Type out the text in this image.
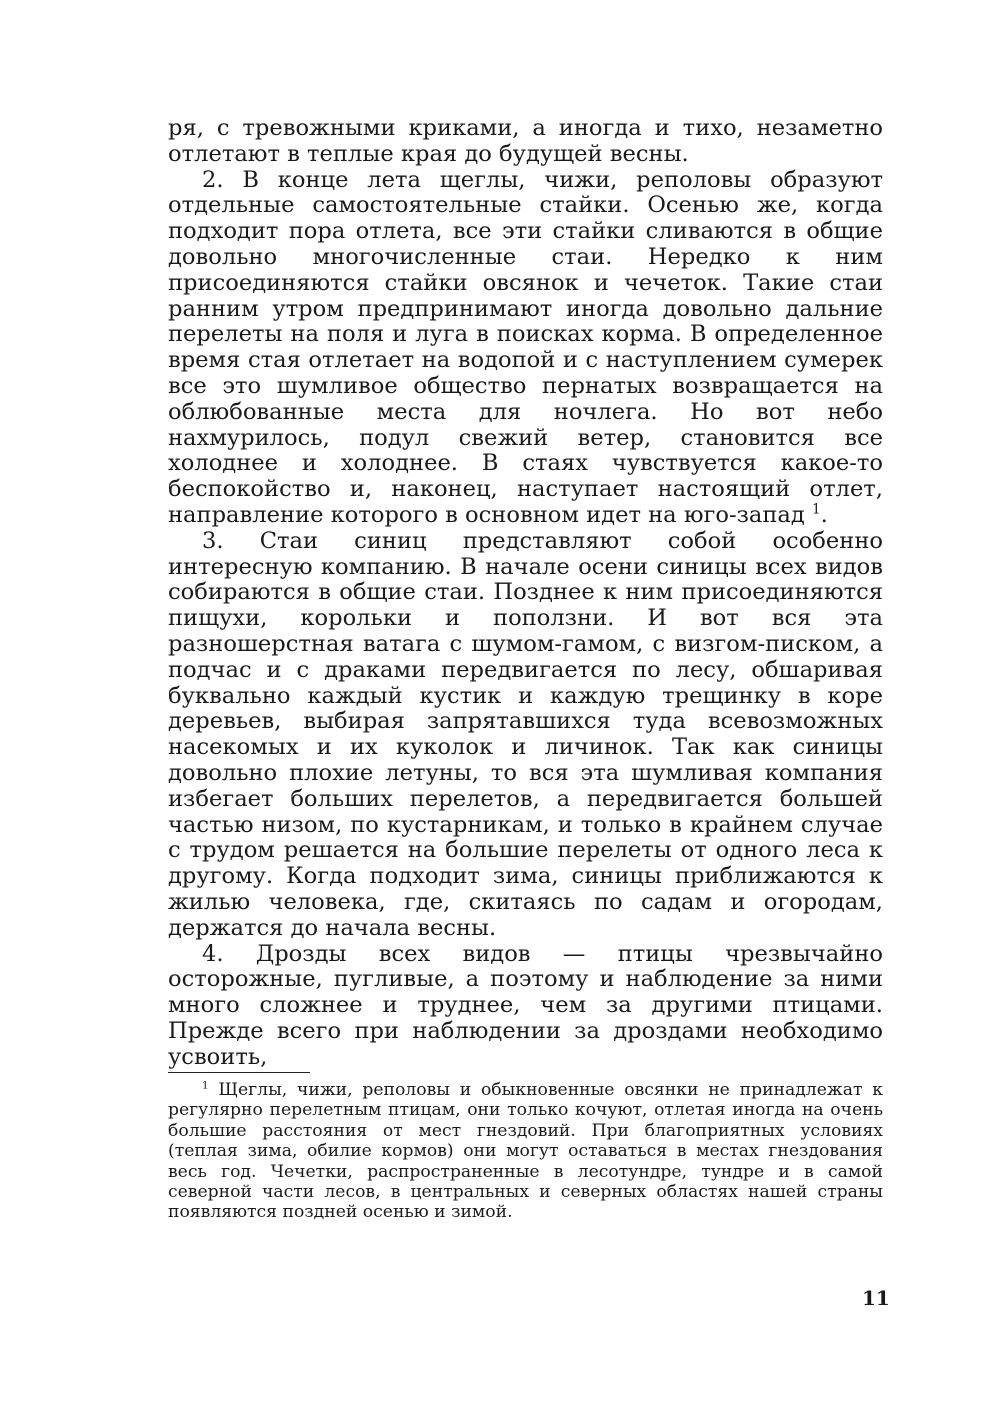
ря, с тревожными криками, а иногда и тихо, незаметно отлетают в теплые края до будущей весны.

2. В конце лета щеглы, чижи, реполовы образуют отдельные самостоятельные стайки. Осенью же, когда подходит пора отлета, все эти стайки сливаются в общие довольно многочисленные стаи. Нередко к ним присоединяются стайки овсянок и чечеток. Такие стаи ранним утром предпринимают иногда довольно дальние перелеты на поля и луга в поисках корма. В определенное время стая отлетает на водопой и с наступлением сумерек все это шумливое общество пернатых возвращается на облюбованные места для ночлега. Но вот небо нахмурилось, подул свежий ветер, становится все холоднее и холоднее. В стаях чувствуется какое-то беспокойство и, наконец, наступает настоящий отлет, направление которого в основном идет на юго-запад $^1$.

3. Стаи синиц представляют собой особенно интересную компанию. В начале осени синицы всех видов собираются в общие стаи. Позднее к ним присоединяются пищухи, корольки и поползни. И вот вся эта разношерстная ватага с шумом-гамом, с визгом-писком, а подчас и с драками передвигается по лесу, обшаривая буквально каждый кустик и каждую трещинку в коре деревьев, выбирая запрятавшихся туда всевозможных насекомых и их куколок и личинок. Так как синицы довольно плохие летуны, то вся эта шумливая компания избегает больших перелетов, а передвигается большей частью низом, по кустарникам, и только в крайнем случае с трудом решается на большие перелеты от одного леса к другому. Когда подходит зима, синицы приближаются к жилью человека, где, скитаясь по садам и огородам, держатся до начала весны.

4. Дрозды всех видов — птицы чрезвычайно осторожные, пугливые, а поэтому и наблюдение за ними много сложнее и труднее, чем за другими птицами. Прежде всего при наблюдении за дроздами необходимо усвоить,

$^1$ Щеглы, чижи, реполовы и обыкновенные овсянки не принадлежат к регулярно перелетным птицам, они только кочуют, отлетая иногда на очень большие расстояния от мест гнездовий. При благоприятных условиях (теплая зима, обилие кормов) они могут оставаться в местах гнездования весь год. Чечетки, распространенные в лесотундре, тундре и в самой северной части лесов, в центральных и северных областях нашей страны появляются поздней осенью и зимой.

11
